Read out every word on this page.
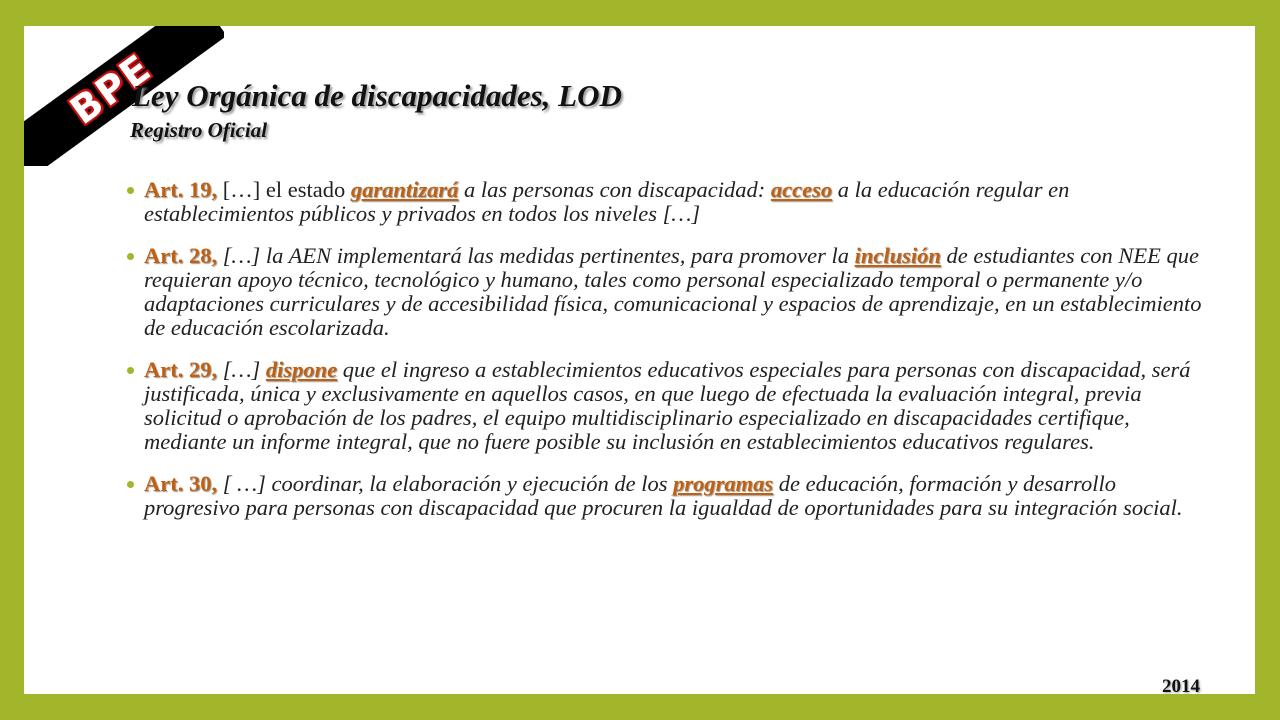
BPE
Ley Orgánica de discapacidades, LOD
Registro Oficial
Art. 19, […] el estado garantizará a las personas con discapacidad: acceso a la educación regular en establecimientos públicos y privados en todos los niveles […]
Art. 28, […] la AEN implementará las medidas pertinentes, para promover la inclusión de estudiantes con NEE que requieran apoyo técnico, tecnológico y humano, tales como personal especializado temporal o permanente y/o adaptaciones curriculares y de accesibilidad física, comunicacional y espacios de aprendizaje, en un establecimiento de educación escolarizada.
Art. 29, […] dispone que el ingreso a establecimientos educativos especiales para personas con discapacidad, será justificada, única y exclusivamente en aquellos casos, en que luego de efectuada la evaluación integral, previa solicitud o aprobación de los padres, el equipo multidisciplinario especializado en discapacidades certifique, mediante un informe integral, que no fuere posible su inclusión en establecimientos educativos regulares.
Art. 30, [ …] coordinar, la elaboración y ejecución de los programas de educación, formación y desarrollo progresivo para personas con discapacidad que procuren la igualdad de oportunidades para su integración social.
2014
